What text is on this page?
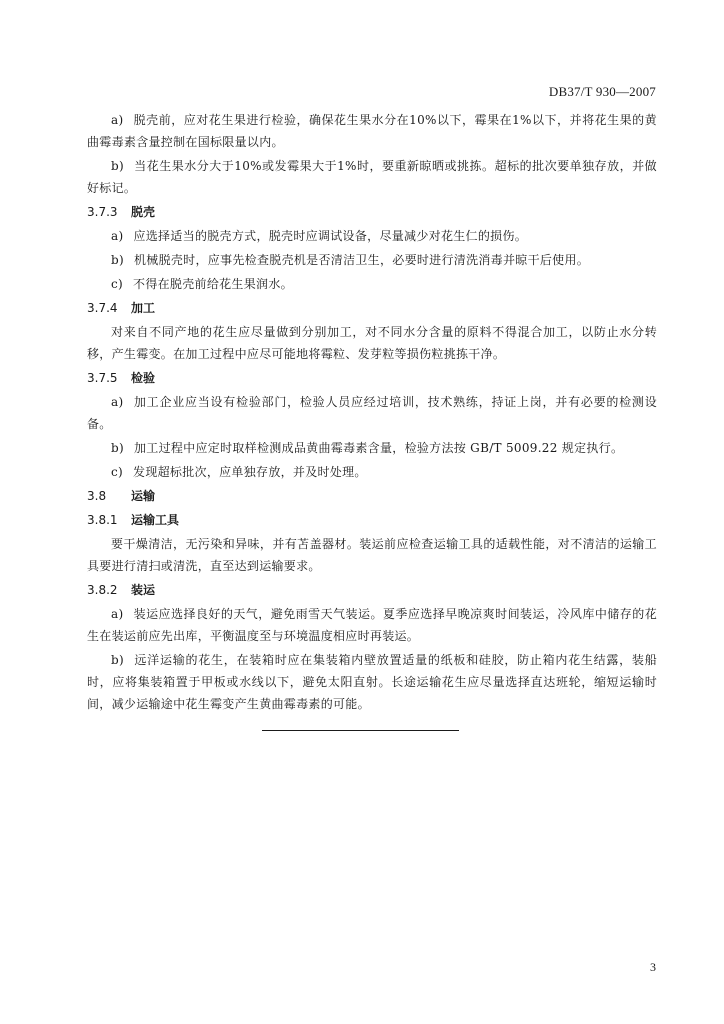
DB37/T 930—2007

a) 脱壳前，应对花生果进行检验，确保花生果水分在10%以下，霉果在1%以下，并将花生果的黄曲霉毒素含量控制在国标限量以内。

b) 当花生果水分大于10%或发霉果大于1%时，要重新晾晒或挑拣。超标的批次要单独存放，并做好标记。

3.7.3 脱壳

a) 应选择适当的脱壳方式，脱壳时应调试设备，尽量减少对花生仁的损伤。

b) 机械脱壳时，应事先检查脱壳机是否清洁卫生，必要时进行清洗消毒并晾干后使用。

c) 不得在脱壳前给花生果润水。

3.7.4 加工

对来自不同产地的花生应尽量做到分别加工，对不同水分含量的原料不得混合加工，以防止水分转移，产生霉变。在加工过程中应尽可能地将霉粒、发芽粒等损伤粒挑拣干净。

3.7.5 检验

a) 加工企业应当设有检验部门，检验人员应经过培训，技术熟练，持证上岗，并有必要的检测设备。

b) 加工过程中应定时取样检测成品黄曲霉毒素含量，检验方法按 GB/T 5009.22 规定执行。

c) 发现超标批次，应单独存放，并及时处理。

3.8 运输
3.8.1 运输工具

要干燥清洁，无污染和异味，并有苫盖器材。装运前应检查运输工具的适载性能，对不清洁的运输工具要进行清扫或清洗，直至达到运输要求。

3.8.2 装运

a) 装运应选择良好的天气，避免雨雪天气装运。夏季应选择早晚凉爽时间装运，冷风库中储存的花生在装运前应先出库，平衡温度至与环境温度相应时再装运。

b) 远洋运输的花生，在装箱时应在集装箱内壁放置适量的纸板和硅胶，防止箱内花生结露，装船时，应将集装箱置于甲板或水线以下，避免太阳直射。长途运输花生应尽量选择直达班轮，缩短运输时间，减少运输途中花生霉变产生黄曲霉毒素的可能。

3
